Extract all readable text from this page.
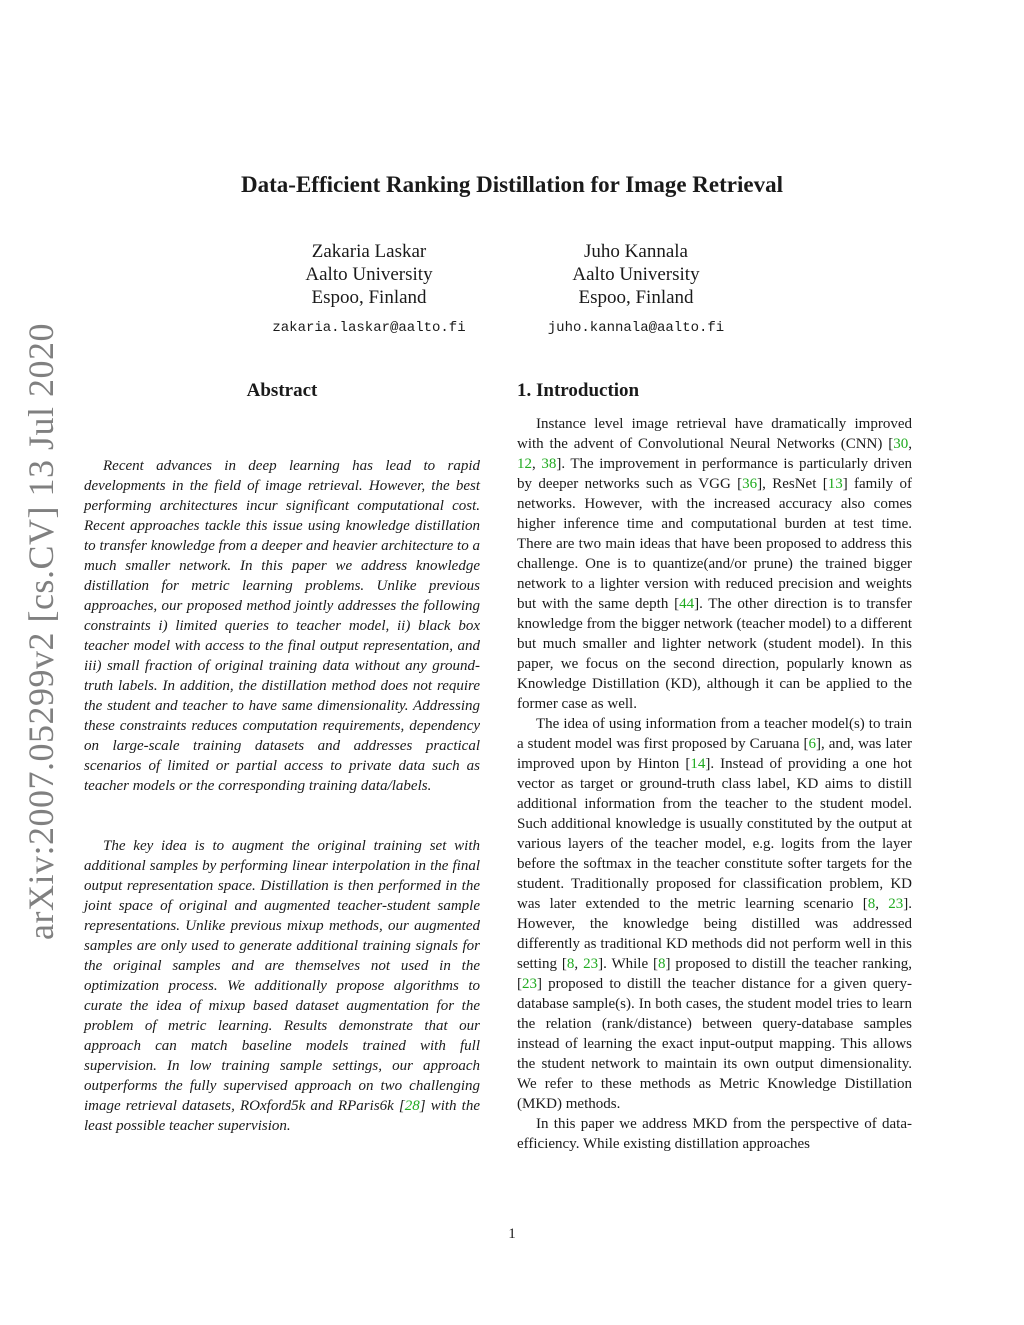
arXiv:2007.05299v2 [cs.CV] 13 Jul 2020
Data-Efficient Ranking Distillation for Image Retrieval
Zakaria Laskar
Aalto University
Espoo, Finland
zakaria.laskar@aalto.fi
Juho Kannala
Aalto University
Espoo, Finland
juho.kannala@aalto.fi
Abstract

Recent advances in deep learning has lead to rapid developments in the field of image retrieval. However, the best performing architectures incur significant computational cost. Recent approaches tackle this issue using knowledge distillation to transfer knowledge from a deeper and heavier architecture to a much smaller network. In this paper we address knowledge distillation for metric learning problems. Unlike previous approaches, our proposed method jointly addresses the following constraints i) limited queries to teacher model, ii) black box teacher model with access to the final output representation, and iii) small fraction of original training data without any ground-truth labels. In addition, the distillation method does not require the student and teacher to have same dimensionality. Addressing these constraints reduces computation requirements, dependency on large-scale training datasets and addresses practical scenarios of limited or partial access to private data such as teacher models or the corresponding training data/labels.

The key idea is to augment the original training set with additional samples by performing linear interpolation in the final output representation space. Distillation is then performed in the joint space of original and augmented teacher-student sample representations. Unlike previous mixup methods, our augmented samples are only used to generate additional training signals for the original samples and are themselves not used in the optimization process. We additionally propose algorithms to curate the idea of mixup based dataset augmentation for the problem of metric learning. Results demonstrate that our approach can match baseline models trained with full supervision. In low training sample settings, our approach outperforms the fully supervised approach on two challenging image retrieval datasets, ROxford5k and RParis6k [28] with the least possible teacher supervision.

1. Introduction

Instance level image retrieval have dramatically improved with the advent of Convolutional Neural Networks (CNN) [30, 12, 38]. The improvement in performance is particularly driven by deeper networks such as VGG [36], ResNet [13] family of networks. However, with the increased accuracy also comes higher inference time and computational burden at test time. There are two main ideas that have been proposed to address this challenge. One is to quantize(and/or prune) the trained bigger network to a lighter version with reduced precision and weights but with the same depth [44]. The other direction is to transfer knowledge from the bigger network (teacher model) to a different but much smaller and lighter network (student model). In this paper, we focus on the second direction, popularly known as Knowledge Distillation (KD), although it can be applied to the former case as well.

The idea of using information from a teacher model(s) to train a student model was first proposed by Caruana [6], and, was later improved upon by Hinton [14]. Instead of providing a one hot vector as target or ground-truth class label, KD aims to distill additional information from the teacher to the student model. Such additional knowledge is usually constituted by the output at various layers of the teacher model, e.g. logits from the layer before the softmax in the teacher constitute softer targets for the student. Traditionally proposed for classification problem, KD was later extended to the metric learning scenario [8, 23]. However, the knowledge being distilled was addressed differently as traditional KD methods did not perform well in this setting [8, 23]. While [8] proposed to distill the teacher ranking, [23] proposed to distill the teacher distance for a given query-database sample(s). In both cases, the student model tries to learn the relation (rank/distance) between query-database samples instead of learning the exact input-output mapping. This allows the student network to maintain its own output dimensionality. We refer to these methods as Metric Knowledge Distillation (MKD) methods.

In this paper we address MKD from the perspective of data-efficiency. While existing distillation approaches

1
